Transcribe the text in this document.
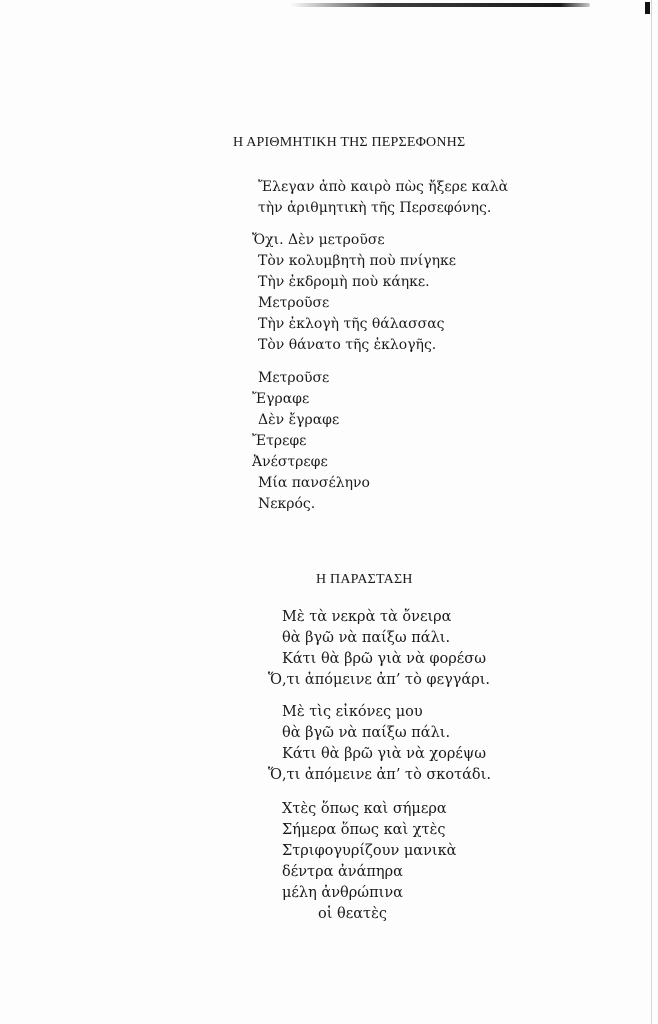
Η ΑΡΙΘΜΗΤΙΚΗ ΤΗΣ ΠΕΡΣΕΦΟΝΗΣ
Ἔλεγαν ἀπὸ καιρὸ πὼς ἤξερε καλὰ
τὴν ἀριθμητικὴ τῆς Περσεφόνης.
Ὄχι. Δὲν μετροῦσε
Τὸν κολυμβητὴ ποὺ πνίγηκε
Τὴν ἐκδρομὴ ποὺ κάηκε.
Μετροῦσε
Τὴν ἐκλογὴ τῆς θάλασσας
Τὸν θάνατο τῆς ἐκλογῆς.
Μετροῦσε
Ἔγραφε
Δὲν ἔγραφε
Ἔτρεφε
Ἀνέστρεφε
Μία πανσέληνο
Νεκρός.
Η ΠΑΡΑΣΤΑΣΗ
Μὲ τὰ νεκρὰ τὰ ὄνειρα
θὰ βγῶ νὰ παίξω πάλι.
Κάτι θὰ βρῶ γιὰ νὰ φορέσω
Ὅ,τι ἀπόμεινε ἀπ’ τὸ φεγγάρι.
Μὲ τὶς εἰκόνες μου
θὰ βγῶ νὰ παίξω πάλι.
Κάτι θὰ βρῶ γιὰ νὰ χορέψω
Ὅ,τι ἀπόμεινε ἀπ’ τὸ σκοτάδι.
Χτὲς ὅπως καὶ σήμερα
Σήμερα ὅπως καὶ χτὲς
Στριφογυρίζουν μανικὰ
δέντρα ἀνάπηρα
μέλη ἀνθρώπινα
οἱ θεατὲς
